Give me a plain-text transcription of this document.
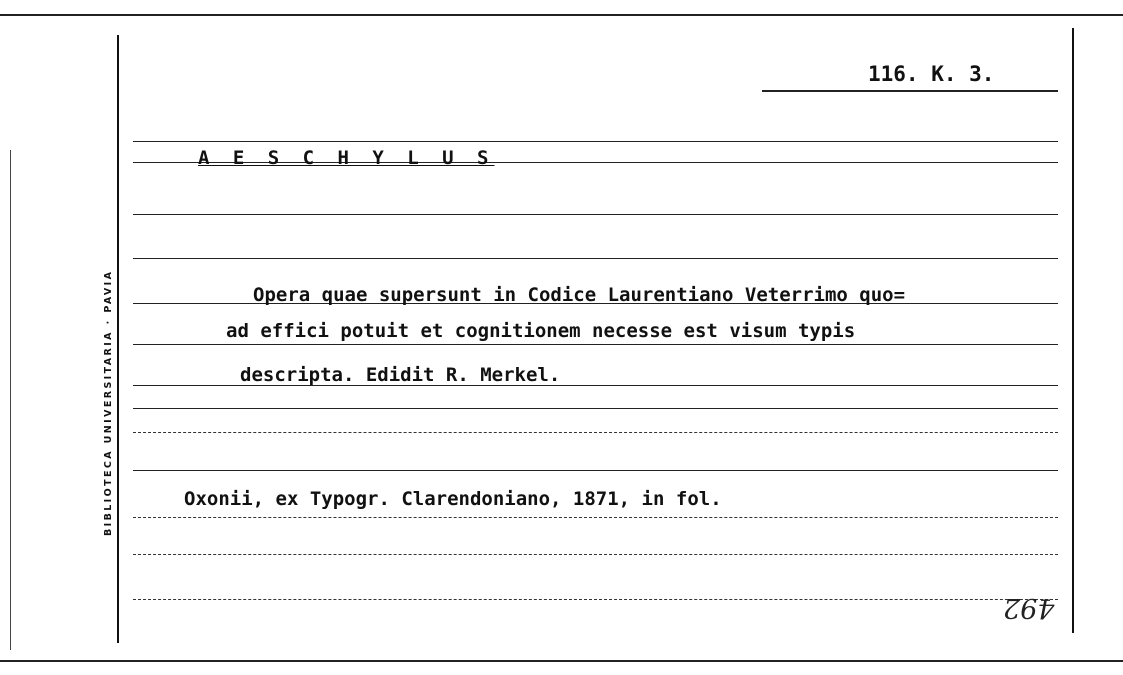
116. K. 3.
A E S C H Y L U S
Opera quae supersunt in Codice Laurentiano Veterrimo quo=
ad effici potuit et cognitionem necesse est visum typis
descripta. Edidit R. Merkel.
Oxonii, ex Typogr. Clarendoniano, 1871, in fol.
BIBLIOTECA UNIVERSITARIA · PAVIA
492
